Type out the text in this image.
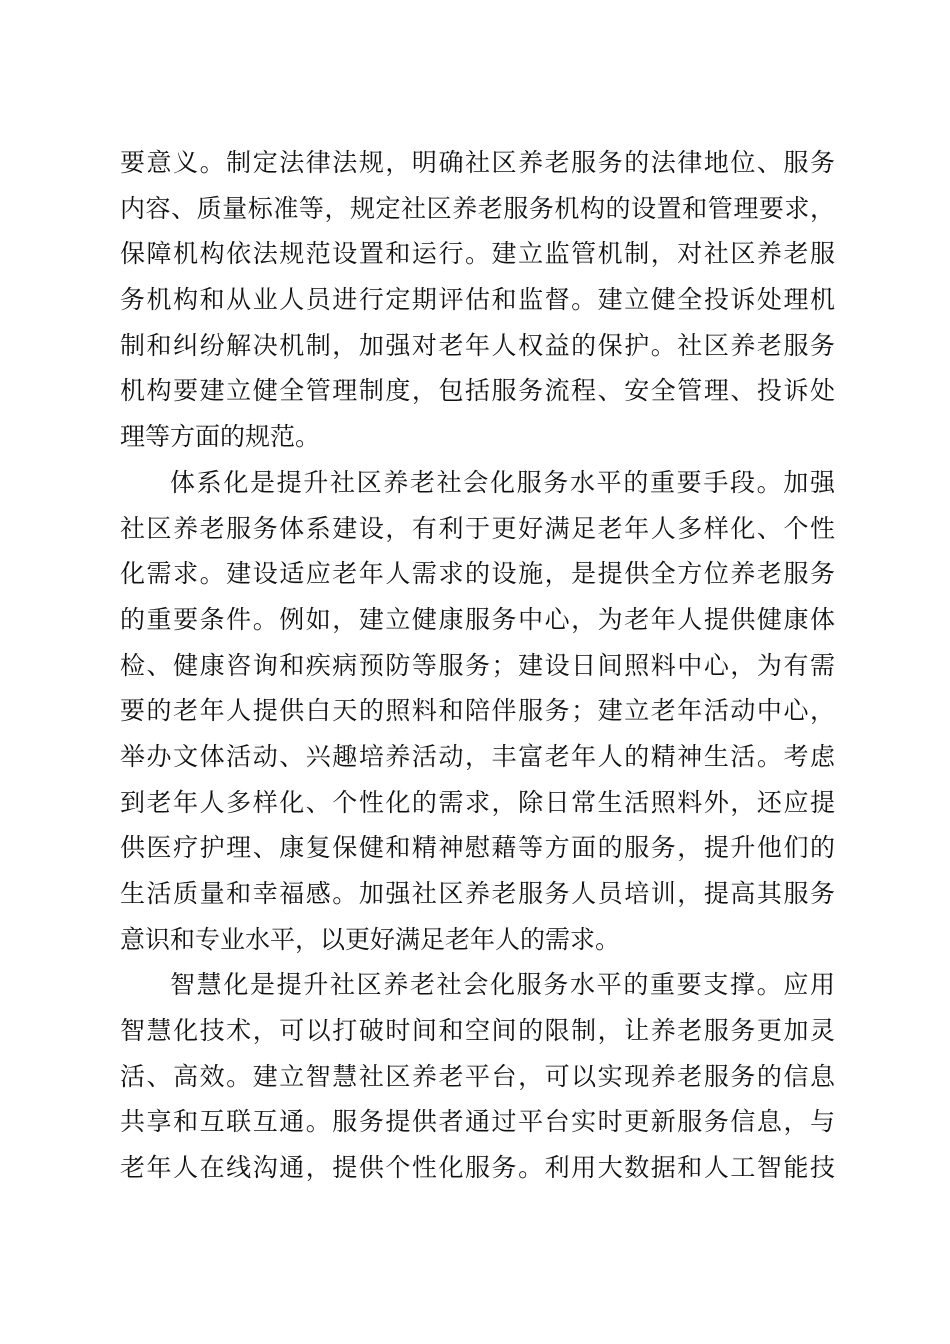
要意义。制定法律法规，明确社区养老服务的法律地位、服务
内容、质量标准等，规定社区养老服务机构的设置和管理要求，
保障机构依法规范设置和运行。建立监管机制，对社区养老服
务机构和从业人员进行定期评估和监督。建立健全投诉处理机
制和纠纷解决机制，加强对老年人权益的保护。社区养老服务
机构要建立健全管理制度，包括服务流程、安全管理、投诉处
理等方面的规范。
体系化是提升社区养老社会化服务水平的重要手段。加强
社区养老服务体系建设，有利于更好满足老年人多样化、个性
化需求。建设适应老年人需求的设施，是提供全方位养老服务
的重要条件。例如，建立健康服务中心，为老年人提供健康体
检、健康咨询和疾病预防等服务；建设日间照料中心，为有需
要的老年人提供白天的照料和陪伴服务；建立老年活动中心，
举办文体活动、兴趣培养活动，丰富老年人的精神生活。考虑
到老年人多样化、个性化的需求，除日常生活照料外，还应提
供医疗护理、康复保健和精神慰藉等方面的服务，提升他们的
生活质量和幸福感。加强社区养老服务人员培训，提高其服务
意识和专业水平，以更好满足老年人的需求。
智慧化是提升社区养老社会化服务水平的重要支撑。应用
智慧化技术，可以打破时间和空间的限制，让养老服务更加灵
活、高效。建立智慧社区养老平台，可以实现养老服务的信息
共享和互联互通。服务提供者通过平台实时更新服务信息，与
老年人在线沟通，提供个性化服务。利用大数据和人工智能技
